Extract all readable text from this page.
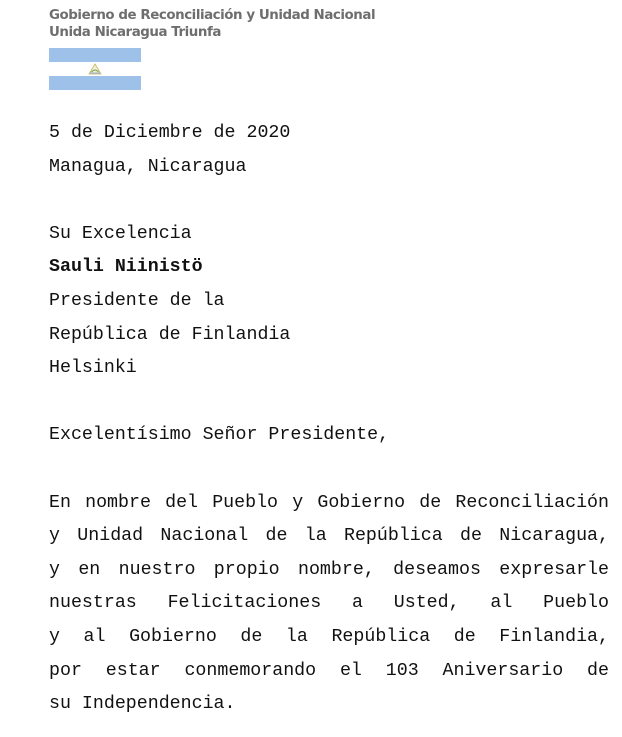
Gobierno de Reconciliación y Unidad Nacional
Unida Nicaragua Triunfa
5 de Diciembre de 2020
Managua, Nicaragua
Su Excelencia
Sauli Niinistö
Presidente de la
República de Finlandia
Helsinki
Excelentísimo Señor Presidente,
En nombre del Pueblo y Gobierno de Reconciliación
y Unidad Nacional de la República de Nicaragua,
y en nuestro propio nombre, deseamos expresarle
nuestras Felicitaciones a Usted, al Pueblo
y al Gobierno de la República de Finlandia,
por estar conmemorando el 103 Aniversario de
su Independencia.
